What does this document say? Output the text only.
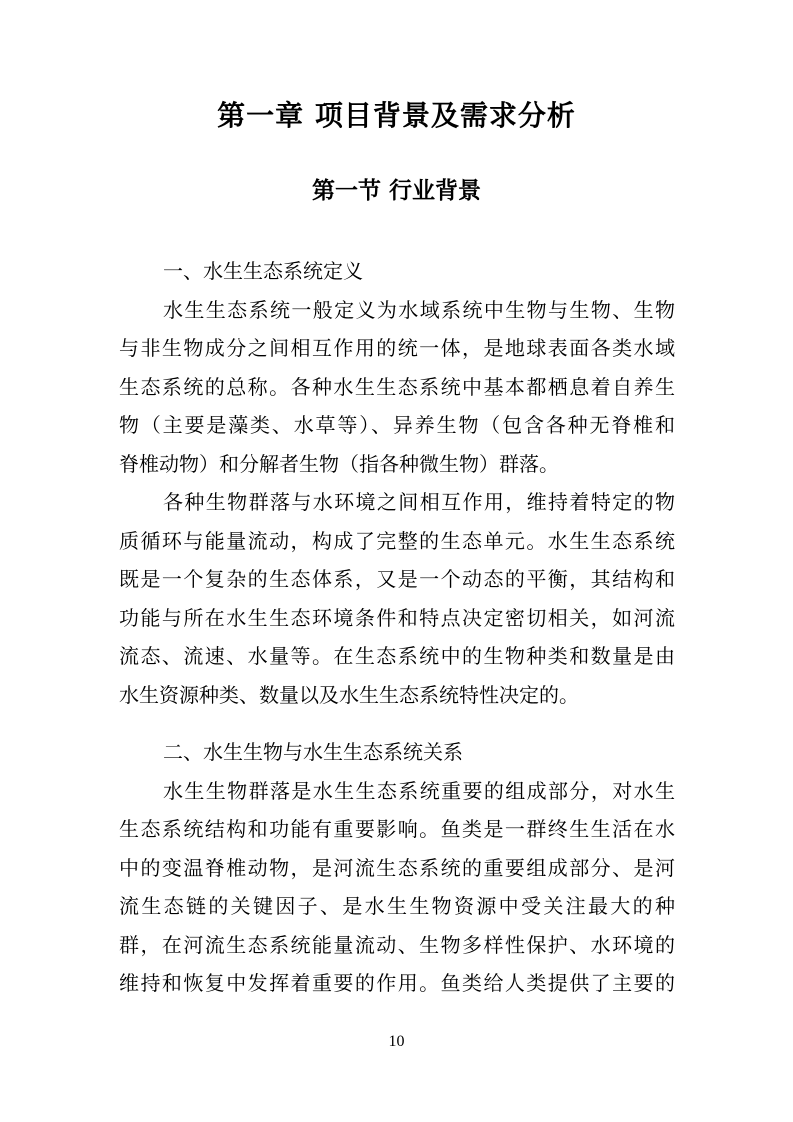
第一章 项目背景及需求分析
第一节 行业背景
一、水生生态系统定义
水生生态系统一般定义为水域系统中生物与生物、生物
与非生物成分之间相互作用的统一体，是地球表面各类水域
生态系统的总称。各种水生生态系统中基本都栖息着自养生
物（主要是藻类、水草等）、异养生物（包含各种无脊椎和
脊椎动物）和分解者生物（指各种微生物）群落。
各种生物群落与水环境之间相互作用，维持着特定的物
质循环与能量流动，构成了完整的生态单元。水生生态系统
既是一个复杂的生态体系，又是一个动态的平衡，其结构和
功能与所在水生生态环境条件和特点决定密切相关，如河流
流态、流速、水量等。在生态系统中的生物种类和数量是由
水生资源种类、数量以及水生生态系统特性决定的。
二、水生生物与水生生态系统关系
水生生物群落是水生生态系统重要的组成部分，对水生
生态系统结构和功能有重要影响。鱼类是一群终生生活在水
中的变温脊椎动物，是河流生态系统的重要组成部分、是河
流生态链的关键因子、是水生生物资源中受关注最大的种
群，在河流生态系统能量流动、生物多样性保护、水环境的
维持和恢复中发挥着重要的作用。鱼类给人类提供了主要的
10
